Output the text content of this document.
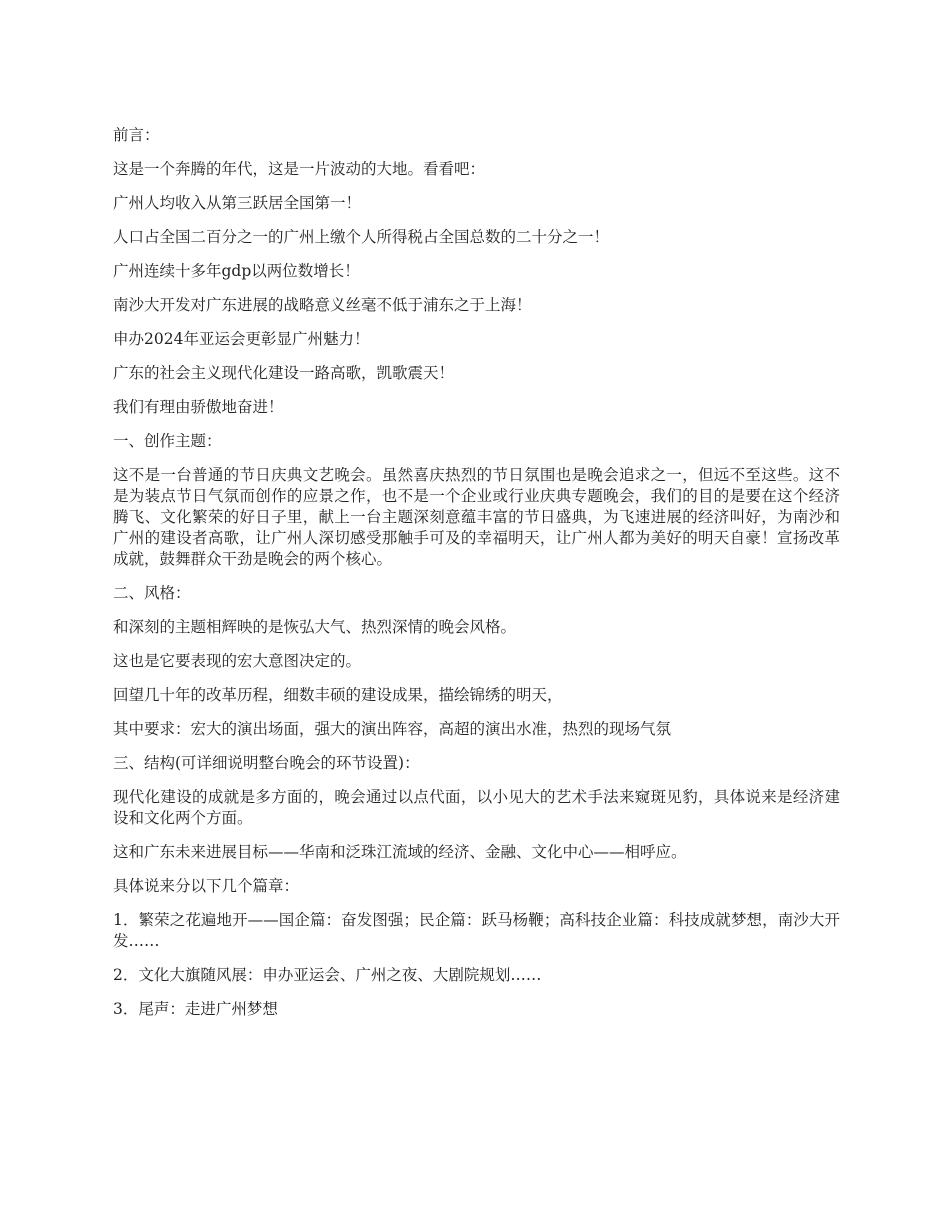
前言：

这是一个奔腾的年代，这是一片波动的大地。看看吧：

广州人均收入从第三跃居全国第一！

人口占全国二百分之一的广州上缴个人所得税占全国总数的二十分之一！

广州连续十多年gdp以两位数增长！

南沙大开发对广东进展的战略意义丝毫不低于浦东之于上海！

申办2024年亚运会更彰显广州魅力！

广东的社会主义现代化建设一路高歌，凯歌震天！

我们有理由骄傲地奋进！

一、创作主题：

这不是一台普通的节日庆典文艺晚会。虽然喜庆热烈的节日氛围也是晚会追求之一，但远不至这些。这不是为装点节日气氛而创作的应景之作，也不是一个企业或行业庆典专题晚会，我们的目的是要在这个经济腾飞、文化繁荣的好日子里，献上一台主题深刻意蕴丰富的节日盛典，为飞速进展的经济叫好，为南沙和广州的建设者高歌，让广州人深切感受那触手可及的幸福明天，让广州人都为美好的明天自豪！宣扬改革成就，鼓舞群众干劲是晚会的两个核心。

二、风格：

和深刻的主题相辉映的是恢弘大气、热烈深情的晚会风格。

这也是它要表现的宏大意图决定的。

回望几十年的改革历程，细数丰硕的建设成果，描绘锦绣的明天，

其中要求：宏大的演出场面，强大的演出阵容，高超的演出水准，热烈的现场气氛

三、结构(可详细说明整台晚会的环节设置)：

现代化建设的成就是多方面的，晚会通过以点代面，以小见大的艺术手法来窥斑见豹，具体说来是经济建设和文化两个方面。

这和广东未来进展目标——华南和泛珠江流域的经济、金融、文化中心——相呼应。

具体说来分以下几个篇章：

1．繁荣之花遍地开——国企篇：奋发图强；民企篇：跃马杨鞭；高科技企业篇：科技成就梦想，南沙大开发……

2．文化大旗随风展：申办亚运会、广州之夜、大剧院规划……

3．尾声：走进广州梦想
